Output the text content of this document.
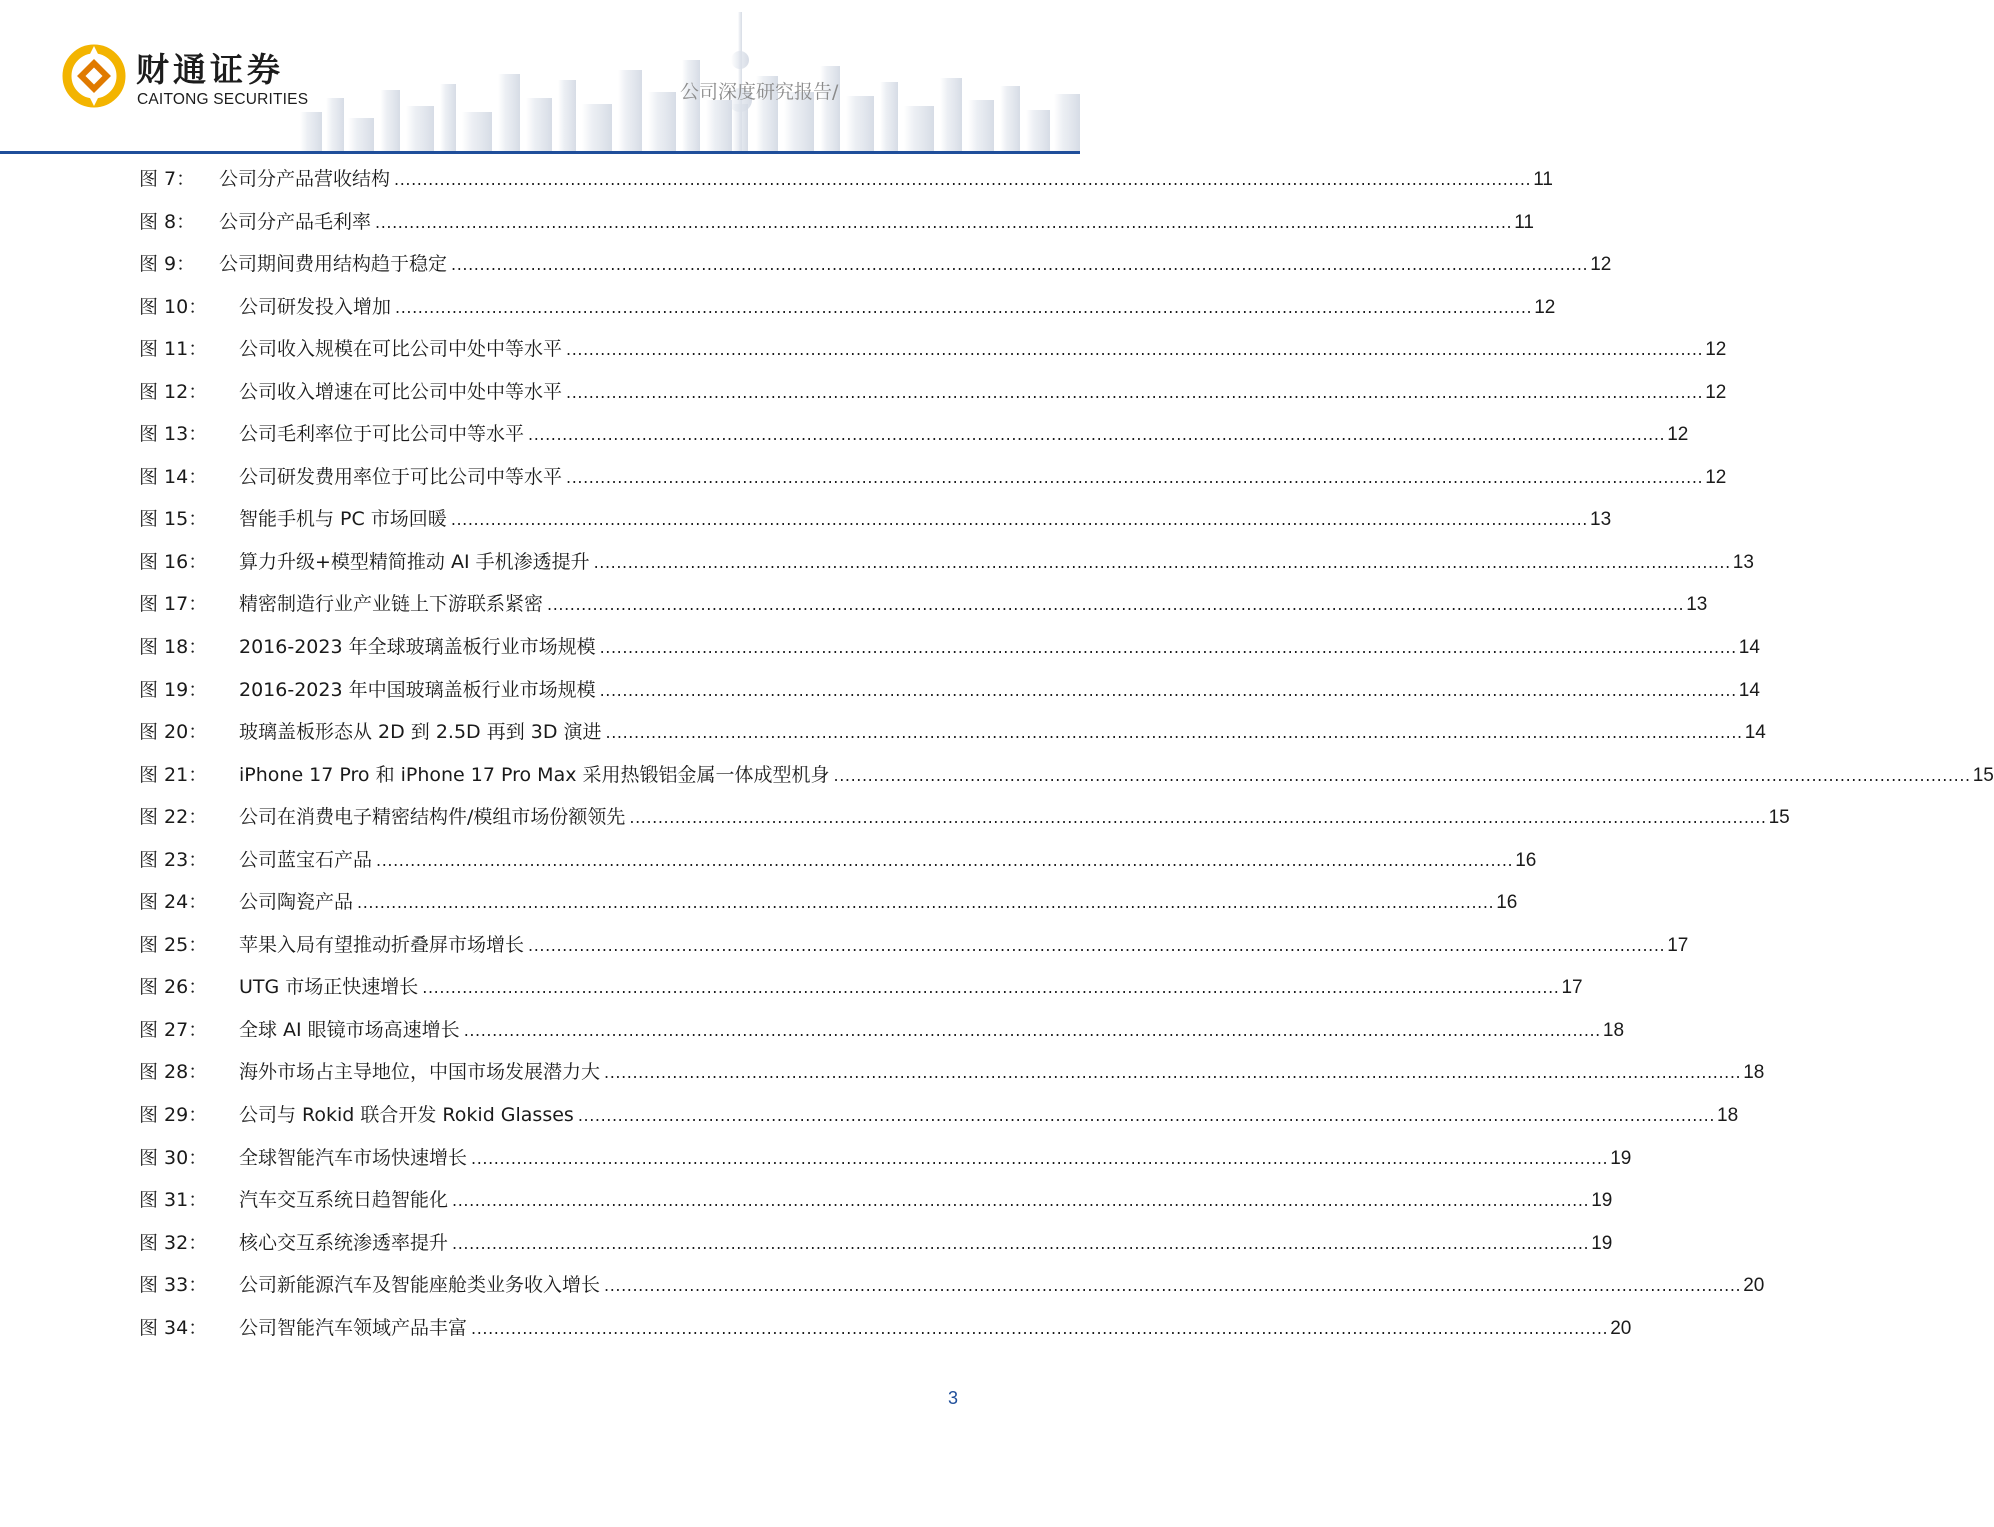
财通证券
CAITONG SECURITIES	公司深度研究报告/
图 7：	公司分产品营收结构 .....	11
图 8：	公司分产品毛利率 .....	11
图 9：	公司期间费用结构趋于稳定 .....	12
图 10：	公司研发投入增加 .....	12
图 11：	公司收入规模在可比公司中处中等水平 .....	12
图 12：	公司收入增速在可比公司中处中等水平 .....	12
图 13：	公司毛利率位于可比公司中等水平 .....	12
图 14：	公司研发费用率位于可比公司中等水平 .....	12
图 15：	智能手机与 PC 市场回暖 .....	13
图 16：	算力升级+模型精简推动 AI 手机渗透提升 .....	13
图 17：	精密制造行业产业链上下游联系紧密 .....	13
图 18：	2016-2023 年全球玻璃盖板行业市场规模 .....	14
图 19：	2016-2023 年中国玻璃盖板行业市场规模 .....	14
图 20：	玻璃盖板形态从 2D 到 2.5D 再到 3D 演进 .....	14
图 21：	iPhone 17 Pro 和 iPhone 17 Pro Max 采用热锻铝金属一体成型机身 .....	15
图 22：	公司在消费电子精密结构件/模组市场份额领先 .....	15
图 23：	公司蓝宝石产品 .....	16
图 24：	公司陶瓷产品 .....	16
图 25：	苹果入局有望推动折叠屏市场增长 .....	17
图 26：	UTG 市场正快速增长 .....	17
图 27：	全球 AI 眼镜市场高速增长 .....	18
图 28：	海外市场占主导地位，中国市场发展潜力大 .....	18
图 29：	公司与 Rokid 联合开发 Rokid Glasses .....	18
图 30：	全球智能汽车市场快速增长 .....	19
图 31：	汽车交互系统日趋智能化 .....	19
图 32：	核心交互系统渗透率提升 .....	19
图 33：	公司新能源汽车及智能座舱类业务收入增长 .....	20
图 34：	公司智能汽车领域产品丰富 .....	20
3
